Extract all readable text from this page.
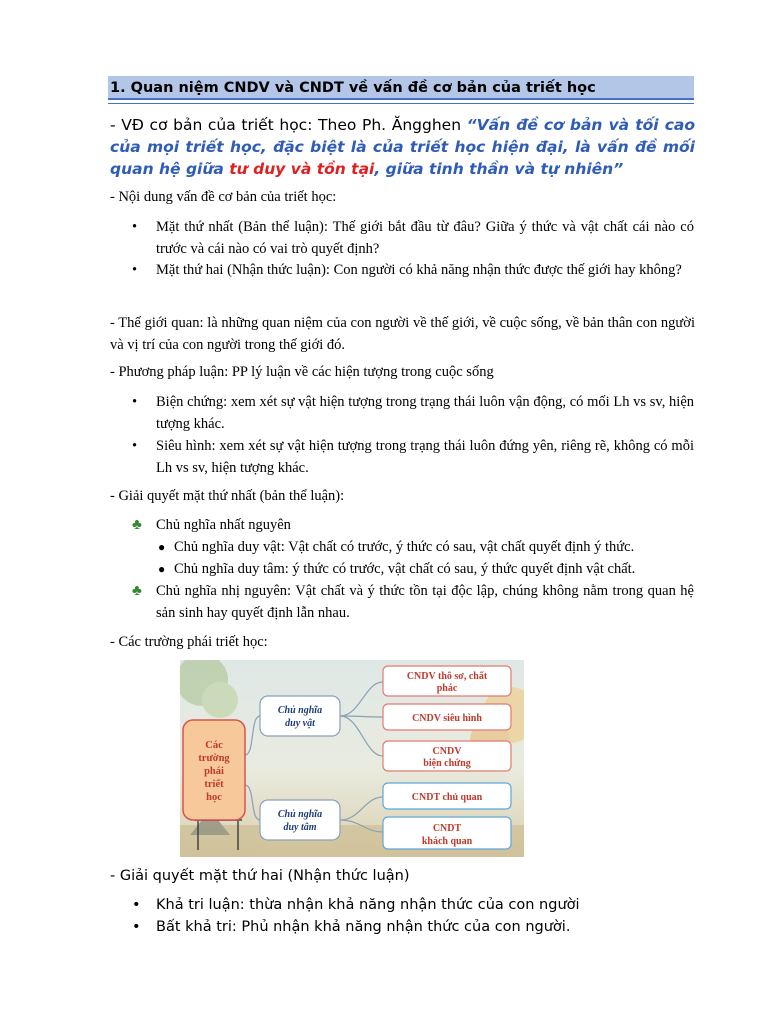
1. Quan niệm CNDV và CNDT về vấn đề cơ bản của triết học
- VĐ cơ bản của triết học: Theo Ph. Ăngghen “Vấn đề cơ bản và tối cao của mọi triết học, đặc biệt là của triết học hiện đại, là vấn đề mối quan hệ giữa tư duy và tồn tại, giữa tinh thần và tự nhiên”
- Nội dung vấn đề cơ bản của triết học:
• Mặt thứ nhất (Bản thể luận): Thế giới bắt đầu từ đâu? Giữa ý thức và vật chất cái nào có trước và cái nào có vai trò quyết định?
• Mặt thứ hai (Nhận thức luận): Con người có khả năng nhận thức được thế giới hay không?
- Thế giới quan: là những quan niệm của con người về thế giới, về cuộc sống, về bản thân con người và vị trí của con người trong thế giới đó.
- Phương pháp luận: PP lý luận về các hiện tượng trong cuộc sống
• Biện chứng: xem xét sự vật hiện tượng trong trạng thái luôn vận động, có mối Lh vs sv, hiện tượng khác.
• Siêu hình: xem xét sự vật hiện tượng trong trạng thái luôn đứng yên, riêng rẽ, không có mỗi Lh vs sv, hiện tượng khác.
- Giải quyết mặt thứ nhất (bản thể luận):
♣ Chủ nghĩa nhất nguyên
● Chủ nghĩa duy vật: Vật chất có trước, ý thức có sau, vật chất quyết định ý thức.
● Chủ nghĩa duy tâm: ý thức có trước, vật chất có sau, ý thức quyết định vật chất.
♣ Chủ nghĩa nhị nguyên: Vật chất và ý thức tồn tại độc lập, chúng không nằm trong quan hệ sản sinh hay quyết định lẫn nhau.
- Các trường phái triết học:
Các
trường
phái
triết
học
Chủ nghĩa
duy vật
Chủ nghĩa
duy tâm
CNDV thô sơ, chất
phác
CNDV siêu hình
CNDV
biện chứng
CNDT chủ quan
CNDT
khách quan
- Giải quyết mặt thứ hai (Nhận thức luận)
• Khả tri luận: thừa nhận khả năng nhận thức của con người
• Bất khả tri: Phủ nhận khả năng nhận thức của con người.
